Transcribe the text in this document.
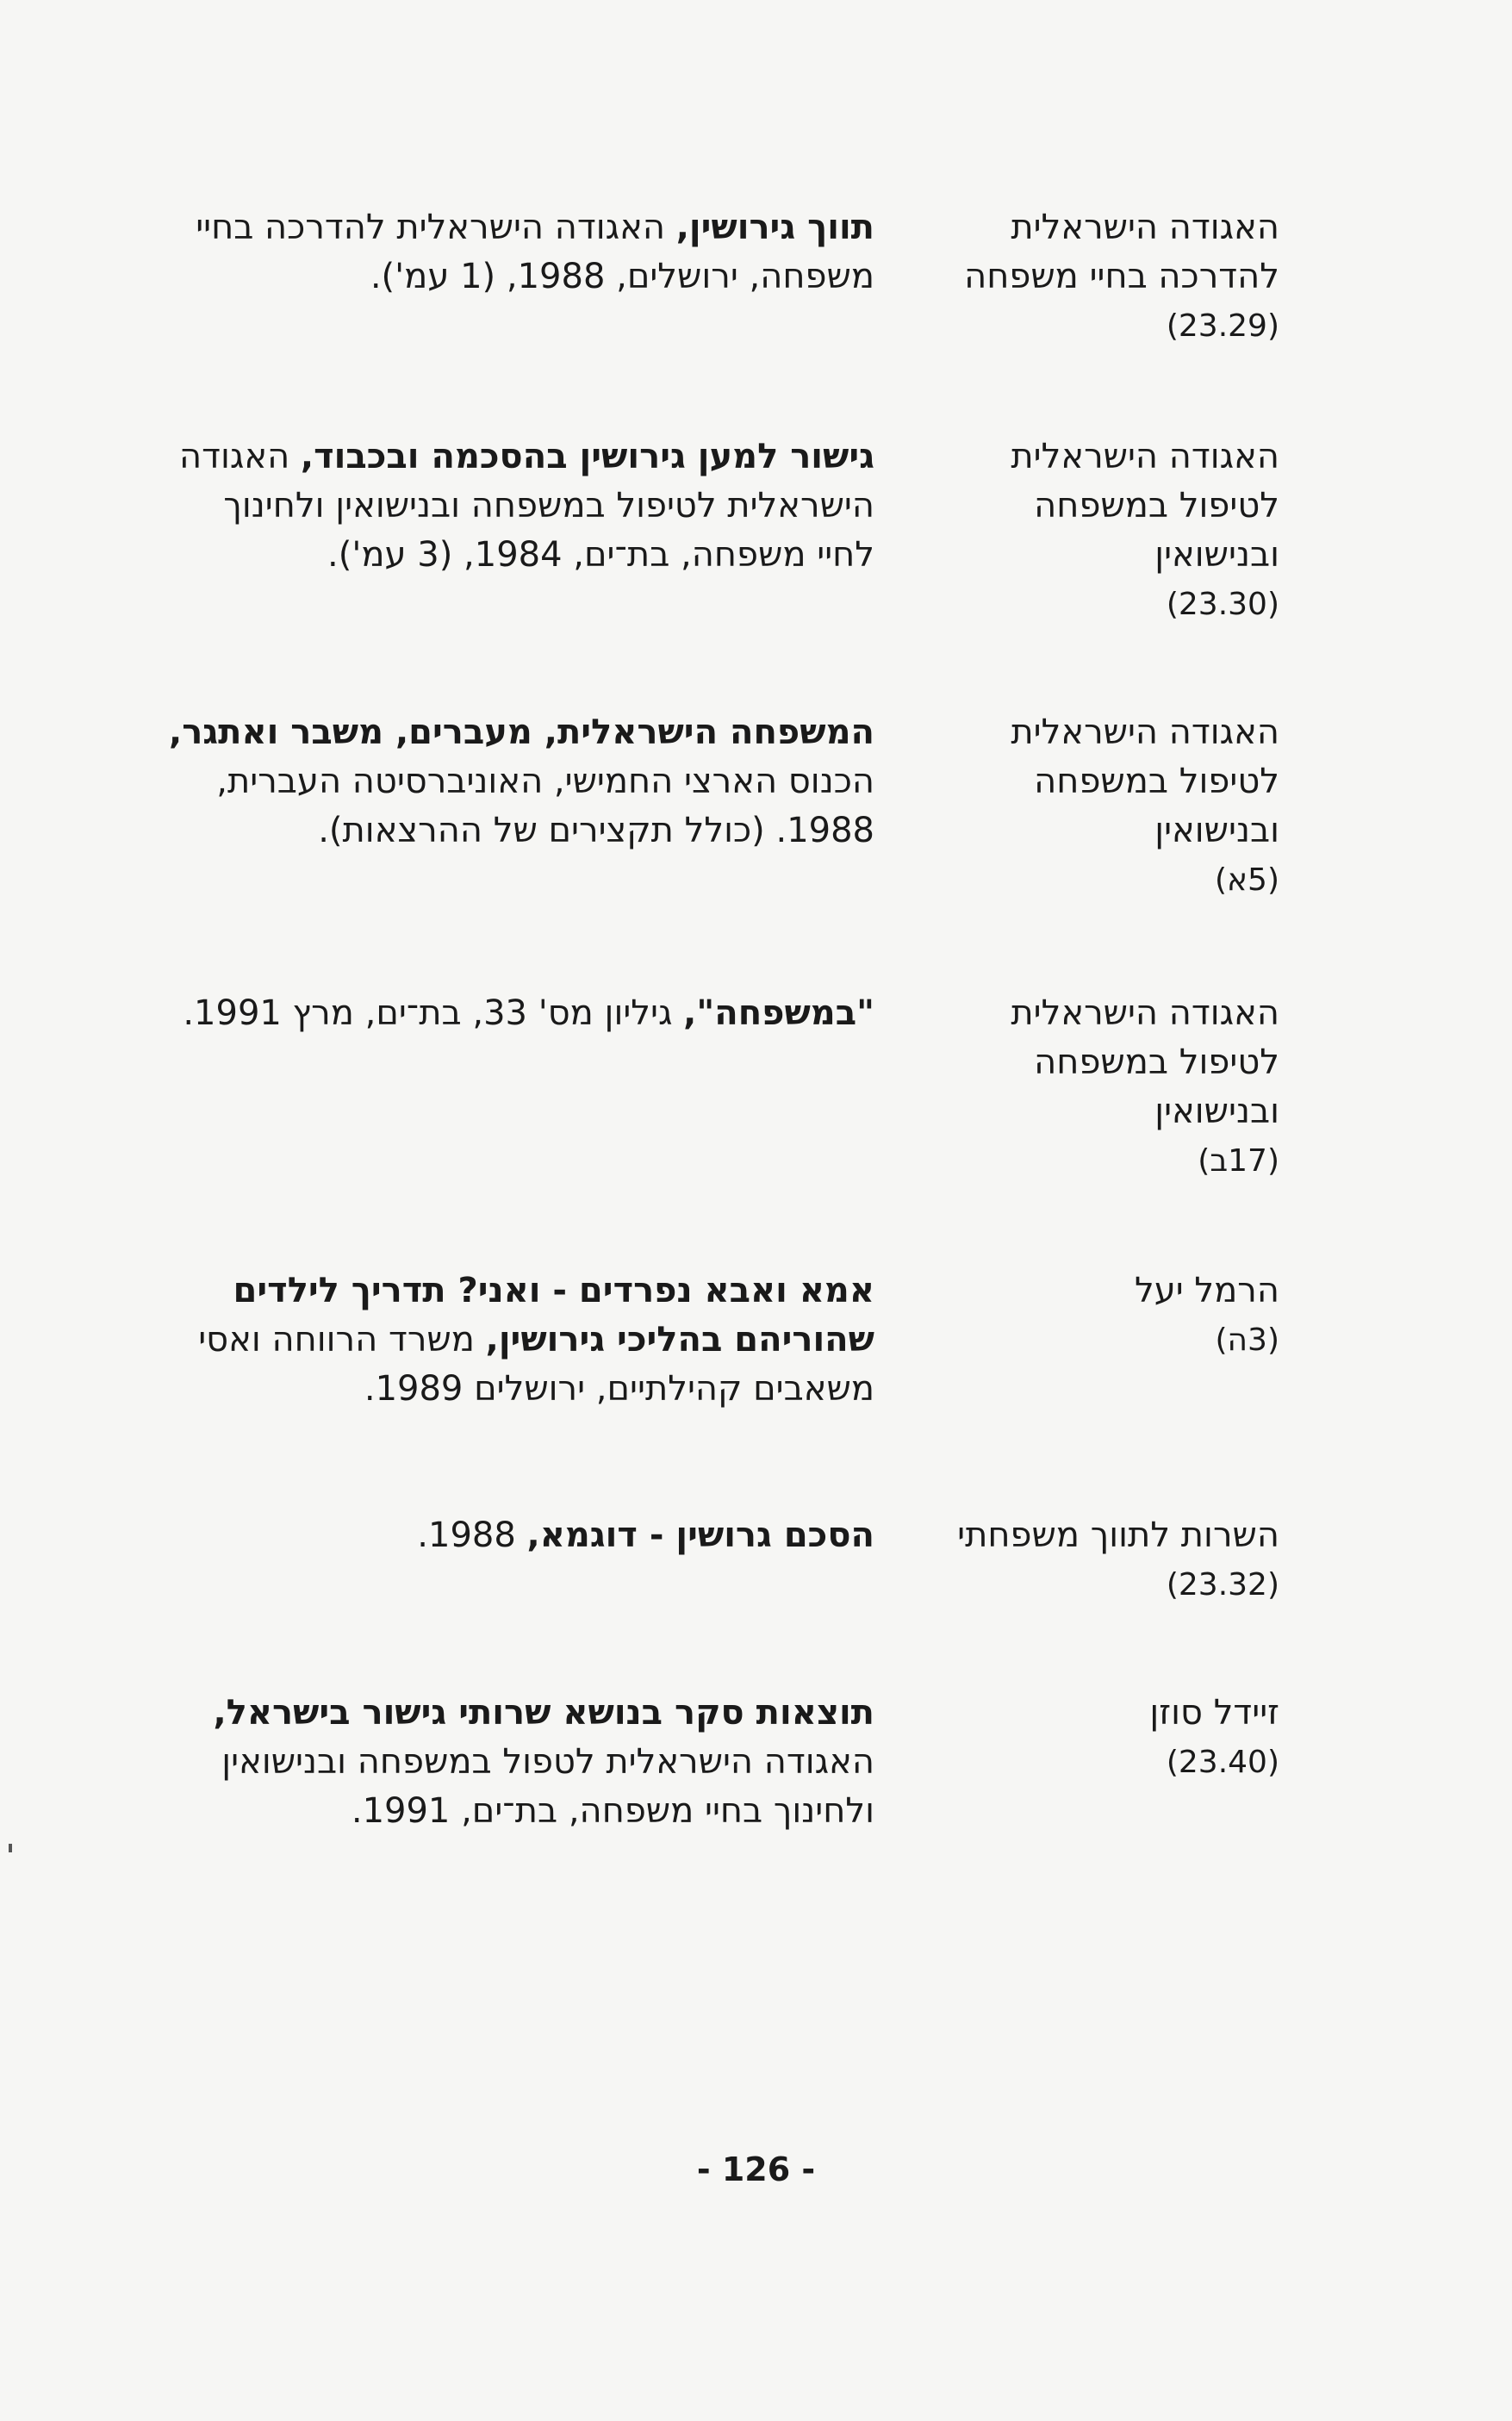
האגודה הישראלית
להדרכה בחיי משפחה
(23.29)
תווך גירושין, האגודה הישראלית להדרכה בחיי
משפחה, ירושלים, 1988, (1 עמ').
האגודה הישראלית
לטיפול במשפחה
ובנישואין
(23.30)
גישור למען גירושין בהסכמה ובכבוד, האגודה
הישראלית לטיפול במשפחה ובנישואין ולחינוך
לחיי משפחה, בת־ים, 1984, (3 עמ').
האגודה הישראלית
לטיפול במשפחה
ובנישואין
(5א)
המשפחה הישראלית, מעברים, משבר ואתגר,
הכנוס הארצי החמישי, האוניברסיטה העברית,
1988. (כולל תקצירים של ההרצאות).
האגודה הישראלית
לטיפול במשפחה
ובנישואין
(17ב)
"במשפחה", גיליון מס' 33, בת־ים, מרץ 1991.
הרמל יעל
(3ה)
אמא ואבא נפרדים - ואני? תדריך לילדים
שהוריהם בהליכי גירושין, משרד הרווחה ואסי
משאבים קהילתיים, ירושלים 1989.
השרות לתווך משפחתי
(23.32)
הסכם גרושין - דוגמא, 1988.
זיידל סוזן
(23.40)
תוצאות סקר בנושא שרותי גישור בישראל,
האגודה הישראלית לטפול במשפחה ובנישואין
ולחינוך בחיי משפחה, בת־ים, 1991.
- 126 -
